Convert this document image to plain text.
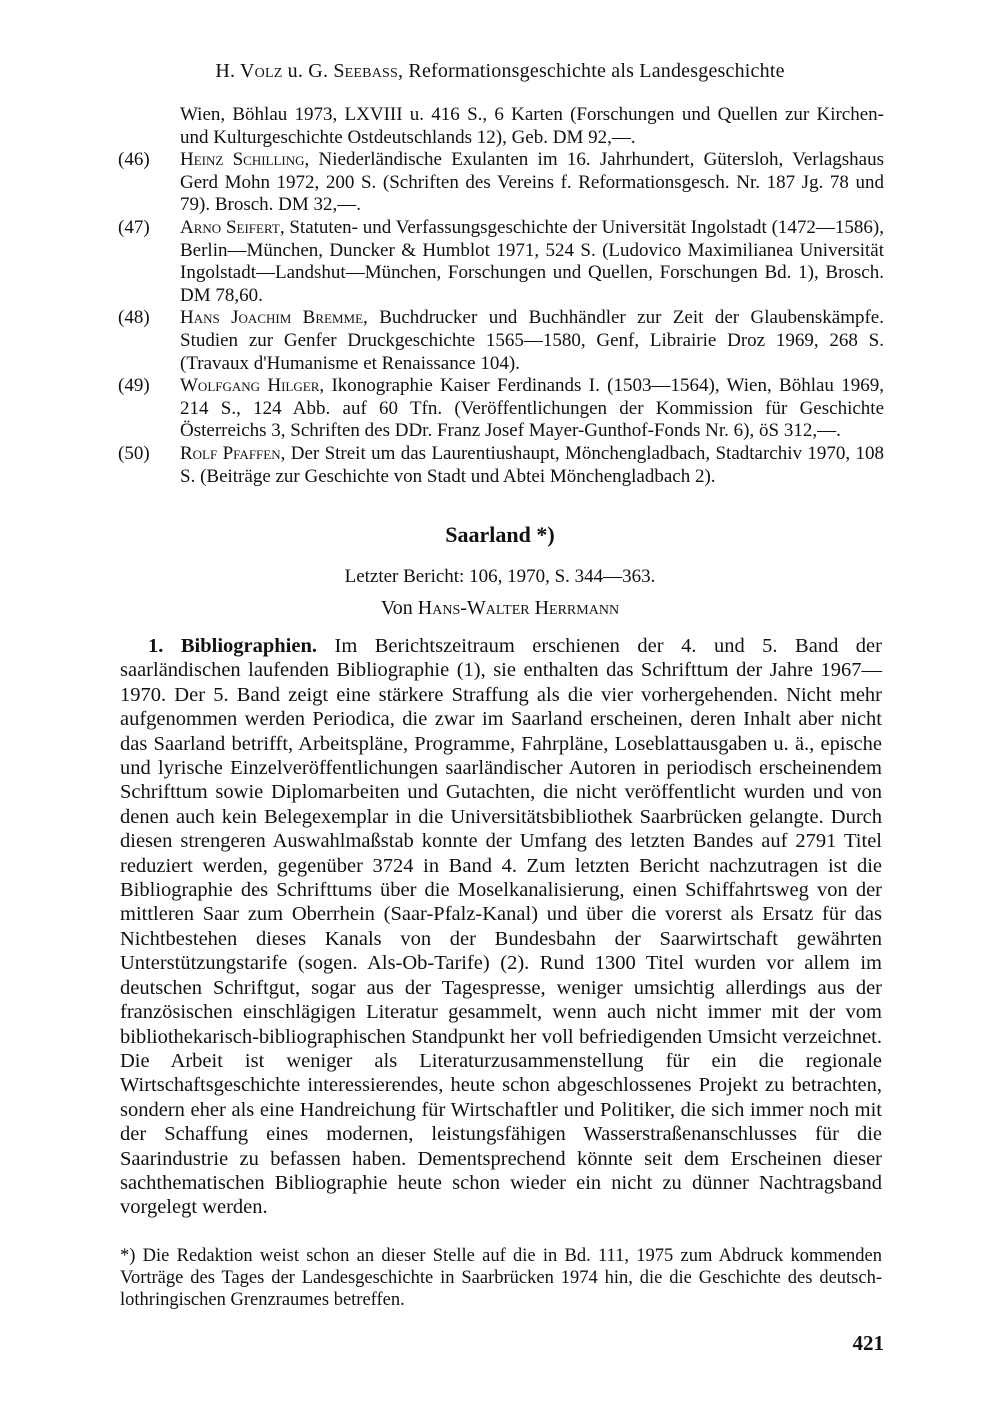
H. Volz u. G. Seebass, Reformationsgeschichte als Landesgeschichte
Wien, Böhlau 1973, LXVIII u. 416 S., 6 Karten (Forschungen und Quellen zur Kirchen- und Kulturgeschichte Ostdeutschlands 12), Geb. DM 92,—.
(46)	Heinz Schilling, Niederländische Exulanten im 16. Jahrhundert, Gütersloh, Verlagshaus Gerd Mohn 1972, 200 S. (Schriften des Vereins f. Reformationsgesch. Nr. 187 Jg. 78 und 79). Brosch. DM 32,—.
(47)	Arno Seifert, Statuten- und Verfassungsgeschichte der Universität Ingolstadt (1472—1586), Berlin—München, Duncker & Humblot 1971, 524 S. (Ludovico Maximilianea Universität Ingolstadt—Landshut—München, Forschungen und Quellen, Forschungen Bd. 1), Brosch. DM 78,60.
(48)	Hans Joachim Bremme, Buchdrucker und Buchhändler zur Zeit der Glaubenskämpfe. Studien zur Genfer Druckgeschichte 1565—1580, Genf, Librairie Droz 1969, 268 S. (Travaux d'Humanisme et Renaissance 104).
(49)	Wolfgang Hilger, Ikonographie Kaiser Ferdinands I. (1503—1564), Wien, Böhlau 1969, 214 S., 124 Abb. auf 60 Tfn. (Veröffentlichungen der Kommission für Geschichte Österreichs 3, Schriften des DDr. Franz Josef Mayer-Gunthof-Fonds Nr. 6), öS 312,—.
(50)	Rolf Pfaffen, Der Streit um das Laurentiushaupt, Mönchengladbach, Stadtarchiv 1970, 108 S. (Beiträge zur Geschichte von Stadt und Abtei Mönchengladbach 2).
Saarland *)
Letzter Bericht: 106, 1970, S. 344—363.
Von Hans-Walter Herrmann

1. Bibliographien. Im Berichtszeitraum erschienen der 4. und 5. Band der saarländischen laufenden Bibliographie (1), sie enthalten das Schrifttum der Jahre 1967—1970. Der 5. Band zeigt eine stärkere Straffung als die vier vorhergehenden. Nicht mehr aufgenommen werden Periodica, die zwar im Saarland erscheinen, deren Inhalt aber nicht das Saarland betrifft, Arbeitspläne, Programme, Fahrpläne, Loseblattausgaben u. ä., epische und lyrische Einzelveröffentlichungen saarländischer Autoren in periodisch erscheinendem Schrifttum sowie Diplomarbeiten und Gutachten, die nicht veröffentlicht wurden und von denen auch kein Belegexemplar in die Universitätsbibliothek Saarbrücken gelangte. Durch diesen strengeren Auswahlmaßstab konnte der Umfang des letzten Bandes auf 2791 Titel reduziert werden, gegenüber 3724 in Band 4. Zum letzten Bericht nachzutragen ist die Bibliographie des Schrifttums über die Moselkanalisierung, einen Schiffahrtsweg von der mittleren Saar zum Oberrhein (Saar-Pfalz-Kanal) und über die vorerst als Ersatz für das Nichtbestehen dieses Kanals von der Bundesbahn der Saarwirtschaft gewährten Unterstützungstarife (sogen. Als-Ob-Tarife) (2). Rund 1300 Titel wurden vor allem im deutschen Schriftgut, sogar aus der Tagespresse, weniger umsichtig allerdings aus der französischen einschlägigen Literatur gesammelt, wenn auch nicht immer mit der vom bibliothekarisch-bibliographischen Standpunkt her voll befriedigenden Umsicht verzeichnet. Die Arbeit ist weniger als Literaturzusammenstellung für ein die regionale Wirtschaftsgeschichte interessierendes, heute schon abgeschlossenes Projekt zu betrachten, sondern eher als eine Handreichung für Wirtschaftler und Politiker, die sich immer noch mit der Schaffung eines modernen, leistungsfähigen Wasserstraßenanschlusses für die Saarindustrie zu befassen haben. Dementsprechend könnte seit dem Erscheinen dieser sachthematischen Bibliographie heute schon wieder ein nicht zu dünner Nachtragsband vorgelegt werden.

*) Die Redaktion weist schon an dieser Stelle auf die in Bd. 111, 1975 zum Abdruck kommenden Vorträge des Tages der Landesgeschichte in Saarbrücken 1974 hin, die die Geschichte des deutsch-lothringischen Grenzraumes betreffen.

421
